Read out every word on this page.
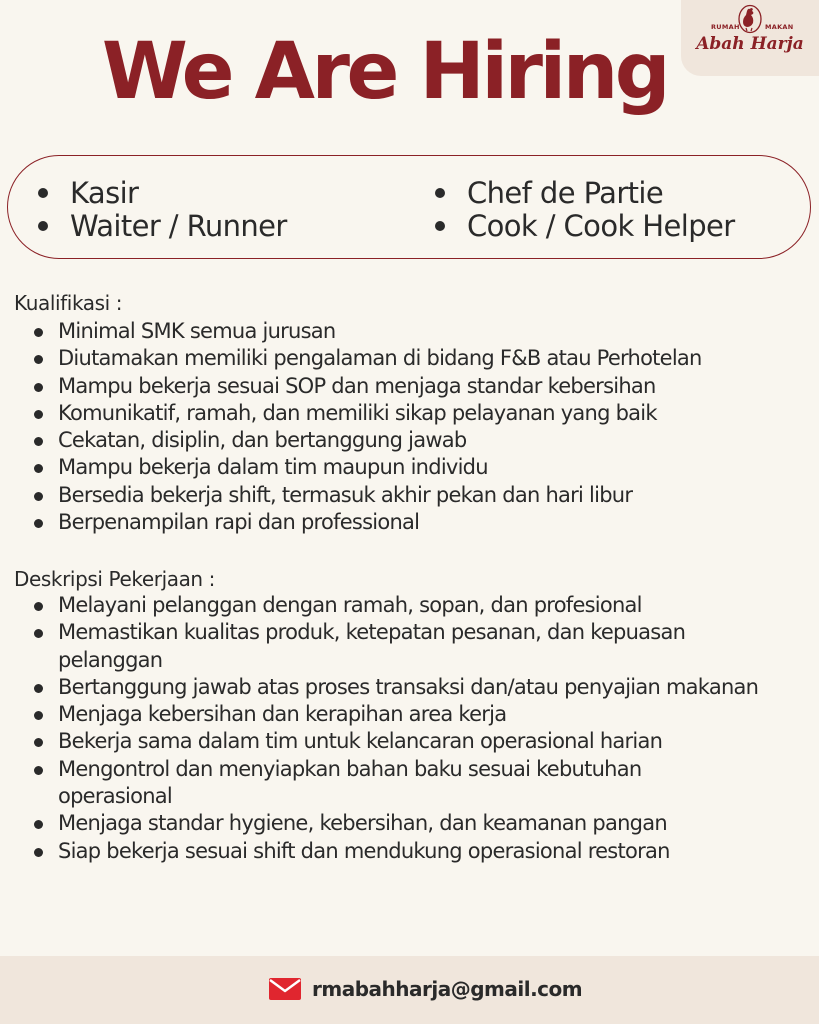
RUMAH	MAKAN
Abah Harja
We Are Hiring
Kasir
Waiter / Runner
Chef de Partie
Cook / Cook Helper
Kualifikasi :
Minimal SMK semua jurusan
Diutamakan memiliki pengalaman di bidang F&B atau Perhotelan
Mampu bekerja sesuai SOP dan menjaga standar kebersihan
Komunikatif, ramah, dan memiliki sikap pelayanan yang baik
Cekatan, disiplin, dan bertanggung jawab
Mampu bekerja dalam tim maupun individu
Bersedia bekerja shift, termasuk akhir pekan dan hari libur
Berpenampilan rapi dan professional
Deskripsi Pekerjaan :
Melayani pelanggan dengan ramah, sopan, dan profesional
Memastikan kualitas produk, ketepatan pesanan, dan kepuasan
pelanggan
Bertanggung jawab atas proses transaksi dan/atau penyajian makanan
Menjaga kebersihan dan kerapihan area kerja
Bekerja sama dalam tim untuk kelancaran operasional harian
Mengontrol dan menyiapkan bahan baku sesuai kebutuhan
operasional
Menjaga standar hygiene, kebersihan, dan keamanan pangan
Siap bekerja sesuai shift dan mendukung operasional restoran
rmabahharja@gmail.com
